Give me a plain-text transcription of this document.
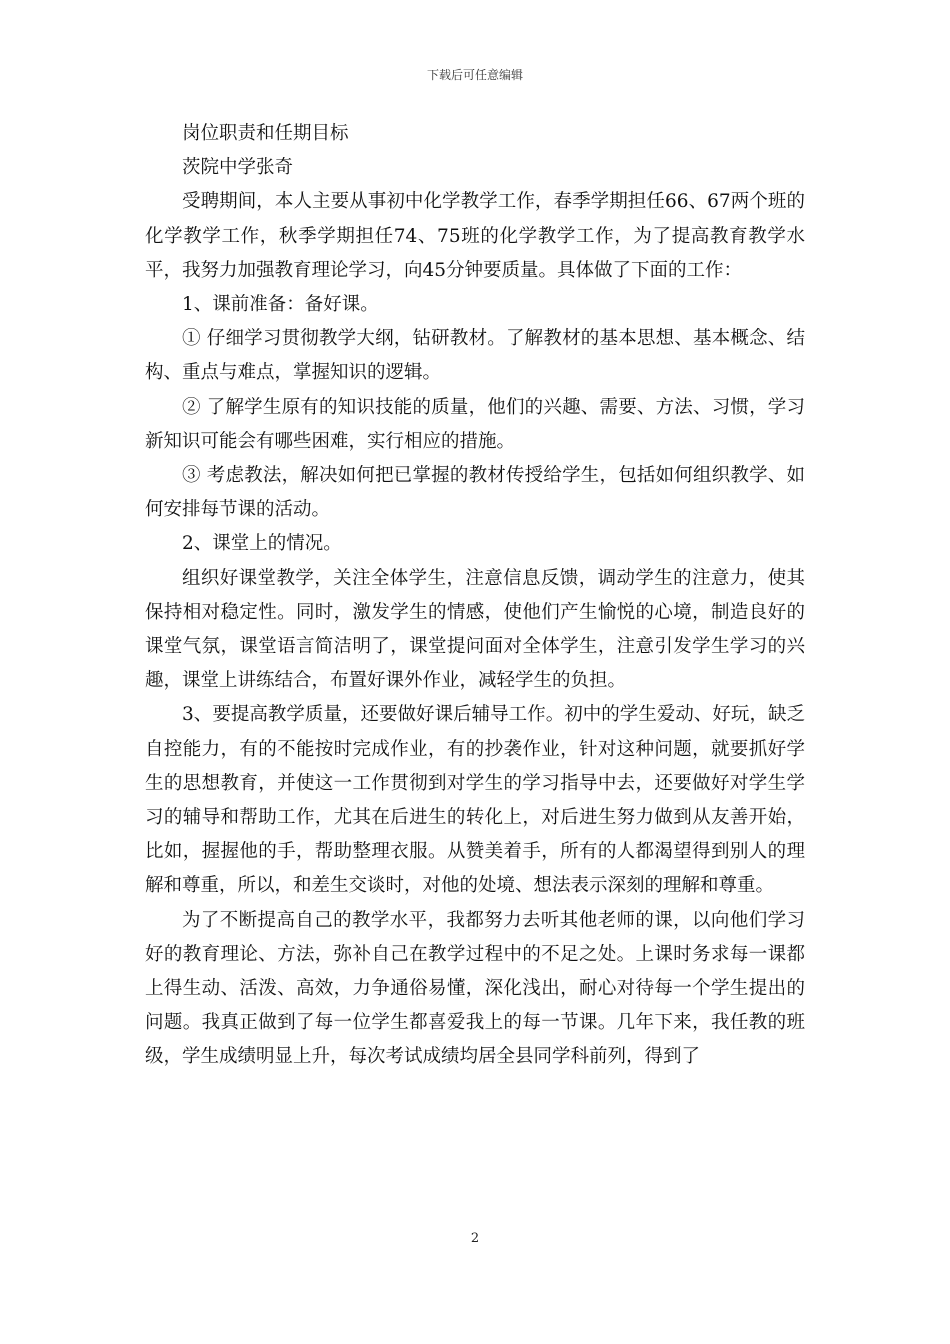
下载后可任意编辑

岗位职责和任期目标

茨院中学张奇

受聘期间，本人主要从事初中化学教学工作，春季学期担任66、67两个班的化学教学工作，秋季学期担任74、75班的化学教学工作，为了提高教育教学水平，我努力加强教育理论学习，向45分钟要质量。具体做了下面的工作：

1、课前准备：备好课。

① 仔细学习贯彻教学大纲，钻研教材。了解教材的基本思想、基本概念、结构、重点与难点，掌握知识的逻辑。

② 了解学生原有的知识技能的质量，他们的兴趣、需要、方法、习惯，学习新知识可能会有哪些困难，实行相应的措施。

③ 考虑教法，解决如何把已掌握的教材传授给学生，包括如何组织教学、如何安排每节课的活动。

2、课堂上的情况。

组织好课堂教学，关注全体学生，注意信息反馈，调动学生的注意力，使其保持相对稳定性。同时，激发学生的情感，使他们产生愉悦的心境，制造良好的课堂气氛，课堂语言简洁明了，课堂提问面对全体学生，注意引发学生学习的兴趣，课堂上讲练结合，布置好课外作业，减轻学生的负担。

3、要提高教学质量，还要做好课后辅导工作。初中的学生爱动、好玩，缺乏自控能力，有的不能按时完成作业，有的抄袭作业，针对这种问题，就要抓好学生的思想教育，并使这一工作贯彻到对学生的学习指导中去，还要做好对学生学习的辅导和帮助工作，尤其在后进生的转化上，对后进生努力做到从友善开始，比如，握握他的手，帮助整理衣服。从赞美着手，所有的人都渴望得到别人的理解和尊重，所以，和差生交谈时，对他的处境、想法表示深刻的理解和尊重。

为了不断提高自己的教学水平，我都努力去听其他老师的课，以向他们学习好的教育理论、方法，弥补自己在教学过程中的不足之处。上课时务求每一课都上得生动、活泼、高效，力争通俗易懂，深化浅出，耐心对待每一个学生提出的问题。我真正做到了每一位学生都喜爱我上的每一节课。几年下来，我任教的班级，学生成绩明显上升，每次考试成绩均居全县同学科前列，得到了

2
